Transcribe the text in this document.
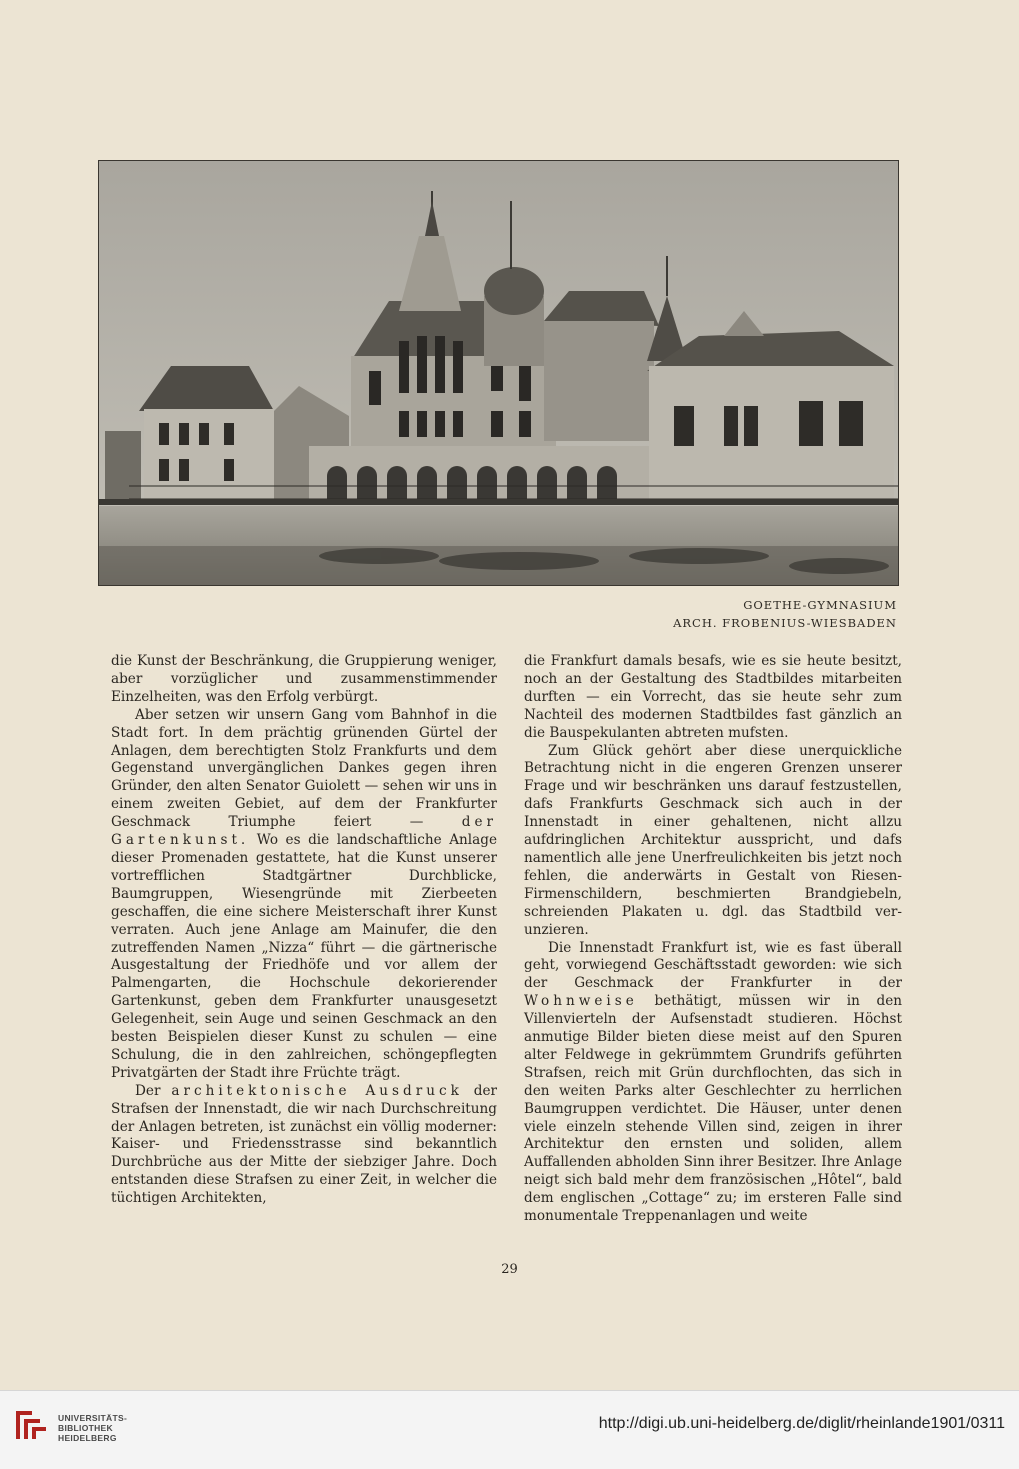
GOETHE-GYMNASIUM
ARCH. FROBENIUS-WIESBADEN

die Kunst der Beschränkung, die Gruppierung weniger, aber vorzüglicher und zusammenstimmender Einzelheiten, was den Erfolg verbürgt.

Aber setzen wir unsern Gang vom Bahnhof in die Stadt fort. In dem prächtig grünenden Gürtel der Anlagen, dem berechtigten Stolz Frankfurts und dem Gegenstand unvergänglichen Dankes gegen ihren Gründer, den alten Senator Guiolett — sehen wir uns in einem zweiten Gebiet, auf dem der Frankfurter Geschmack Triumphe feiert — der Gartenkunst. Wo es die landschaftliche Anlage dieser Promenaden gestattete, hat die Kunst unserer vortrefflichen Stadtgärtner Durchblicke, Baumgruppen, Wiesengründe mit Zierbeeten geschaffen, die eine sichere Meisterschaft ihrer Kunst verraten. Auch jene Anlage am Mainufer, die den zutreffenden Namen „Nizza“ führt — die gärtnerische Ausgestaltung der Friedhöfe und vor allem der Palmengarten, die Hochschule dekorierender Gartenkunst, geben dem Frankfurter unausgesetzt Gelegenheit, sein Auge und seinen Geschmack an den besten Beispielen dieser Kunst zu schulen — eine Schulung, die in den zahlreichen, schöngepflegten Privatgärten der Stadt ihre Früchte trägt.

Der architektonische Ausdruck der Strafsen der Innenstadt, die wir nach Durchschreitung der Anlagen betreten, ist zunächst ein völlig moderner: Kaiser- und Friedensstrasse sind bekanntlich Durchbrüche aus der Mitte der siebziger Jahre. Doch entstanden diese Strafsen zu einer Zeit, in welcher die tüchtigen Architekten,

die Frankfurt damals besafs, wie es sie heute besitzt, noch an der Gestaltung des Stadtbildes mitarbeiten durften — ein Vorrecht, das sie heute sehr zum Nachteil des modernen Stadtbildes fast gänzlich an die Bauspekulanten abtreten mufsten.

Zum Glück gehört aber diese unerquickliche Betrachtung nicht in die engeren Grenzen unserer Frage und wir beschränken uns darauf festzustellen, dafs Frankfurts Geschmack sich auch in der Innenstadt in einer gehaltenen, nicht allzu aufdringlichen Architektur ausspricht, und dafs namentlich alle jene Unerfreulichkeiten bis jetzt noch fehlen, die anderwärts in Gestalt von RiesenFirmenschildern, beschmierten Brandgiebeln, schreienden Plakaten u. dgl. das Stadtbild verunzieren.

Die Innenstadt Frankfurt ist, wie es fast überall geht, vorwiegend Geschäftsstadt geworden: wie sich der Geschmack der Frankfurter in der Wohnweise bethätigt, müssen wir in den Villenvierteln der Aufsenstadt studieren. Höchst anmutige Bilder bieten diese meist auf den Spuren alter Feldwege in gekrümmtem Grundrifs geführten Strafsen, reich mit Grün durchflochten, das sich in den weiten Parks alter Geschlechter zu herrlichen Baumgruppen verdichtet. Die Häuser, unter denen viele einzeln stehende Villen sind, zeigen in ihrer Architektur den ernsten und soliden, allem Auffallenden abholden Sinn ihrer Besitzer. Ihre Anlage neigt sich bald mehr dem französischen „Hôtel“, bald dem englischen „Cottage“ zu; im ersteren Falle sind monumentale Treppenanlagen und weite

29
UNIVERSITÄTS-
BIBLIOTHEK
HEIDELBERG
http://digi.ub.uni-heidelberg.de/diglit/rheinlande1901/0311
